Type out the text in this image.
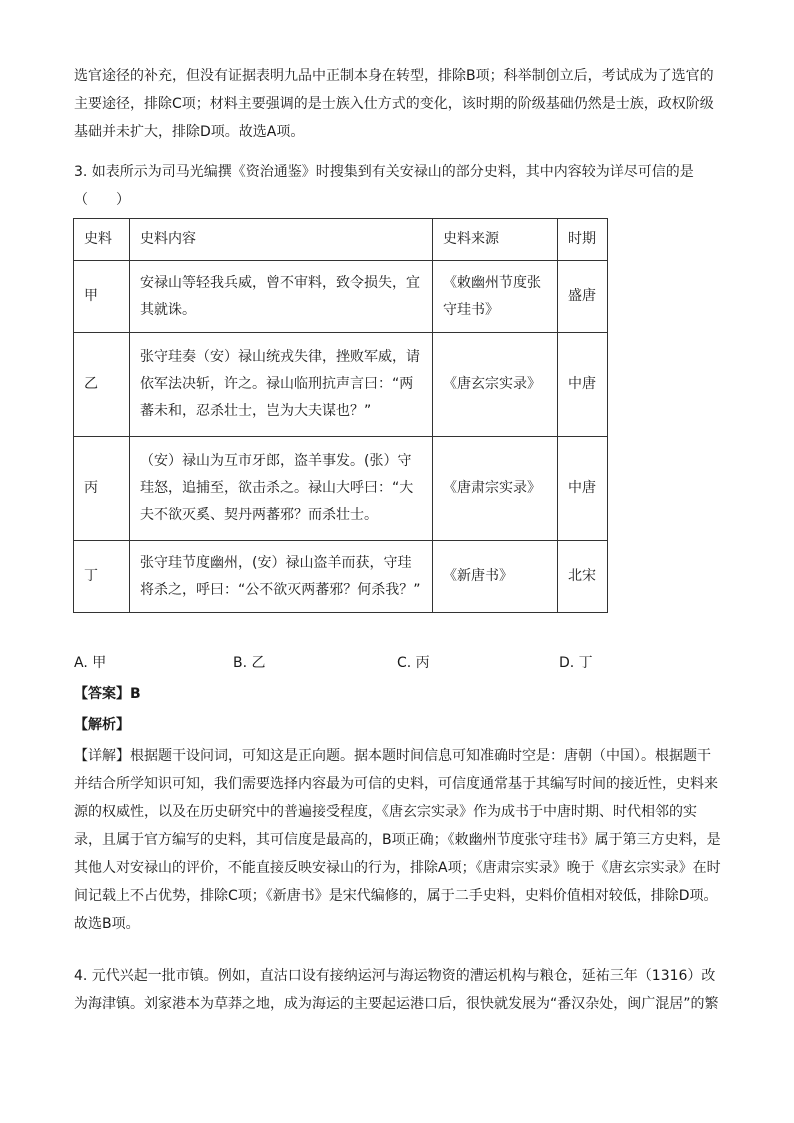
选官途径的补充，但没有证据表明九品中正制本身在转型，排除B项；科举制创立后，考试成为了选官的主要途径，排除C项；材料主要强调的是士族入仕方式的变化，该时期的阶级基础仍然是士族，政权阶级基础并未扩大，排除D项。故选A项。

3. 如表所示为司马光编撰《资治通鉴》时搜集到有关安禄山的部分史料，其中内容较为详尽可信的是（　　）

史料	史料内容	史料来源	时期
甲	安禄山等轻我兵威，曾不审料，致令损失，宜其就诛。	《敕幽州节度张守珪书》	盛唐
乙	张守珪奏（安）禄山统戎失律，挫败军威，请依军法决斩，许之。禄山临刑抗声言曰：“两蕃未和，忍杀壮士，岂为大夫谋也？”	《唐玄宗实录》	中唐
丙	（安）禄山为互市牙郎，盗羊事发。(张）守珪怒，追捕至，欲击杀之。禄山大呼曰：“大夫不欲灭奚、契丹两蕃邪？而杀壮士。	《唐肃宗实录》	中唐
丁	张守珪节度幽州，(安）禄山盗羊而获，守珪将杀之，呼曰：“公不欲灭两蕃邪？何杀我？”	《新唐书》	北宋
A. 甲	B. 乙	C. 丙	D. 丁
【答案】B
【解析】

【详解】根据题干设问词，可知这是正向题。据本题时间信息可知准确时空是：唐朝（中国）。根据题干并结合所学知识可知，我们需要选择内容最为可信的史料，可信度通常基于其编写时间的接近性，史料来源的权威性，以及在历史研究中的普遍接受程度，《唐玄宗实录》作为成书于中唐时期、时代相邻的实录，且属于官方编写的史料，其可信度是最高的，B项正确；《敕幽州节度张守珪书》属于第三方史料，是其他人对安禄山的评价，不能直接反映安禄山的行为，排除A项；《唐肃宗实录》晚于《唐玄宗实录》在时间记载上不占优势，排除C项；《新唐书》是宋代编修的，属于二手史料，史料价值相对较低，排除D项。故选B项。

4. 元代兴起一批市镇。例如，直沽口设有接纳运河与海运物资的漕运机构与粮仓，延祐三年（1316）改为海津镇。刘家港本为草莽之地，成为海运的主要起运港口后，很快就发展为“番汉杂处，闽广混居”的繁
